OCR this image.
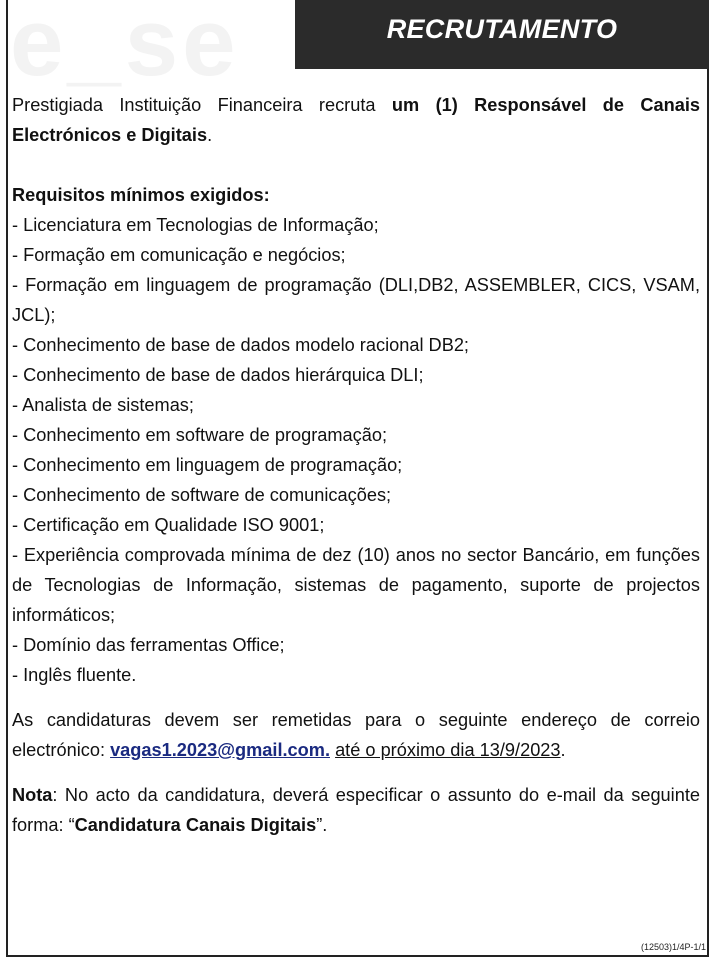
e_se	RECRUTAMENTO

Prestigiada Instituição Financeira recruta um (1) Responsável de Canais Electrónicos e Digitais.

Requisitos mínimos exigidos:

- Licenciatura em Tecnologias de Informação;
- Formação em comunicação e negócios;
- Formação em linguagem de programação (DLI,DB2, ASSEMBLER, CICS, VSAM, JCL);
- Conhecimento de base de dados modelo racional DB2;
- Conhecimento de base de dados hierárquica DLI;
- Analista de sistemas;
- Conhecimento em software de programação;
- Conhecimento em linguagem de programação;
- Conhecimento de software de comunicações;
- Certificação em Qualidade ISO 9001;
- Experiência comprovada mínima de dez (10) anos no sector Bancário, em funções de Tecnologias de Informação, sistemas de pagamento, suporte de projectos informáticos;
- Domínio das ferramentas Office;
- Inglês fluente.

As candidaturas devem ser remetidas para o seguinte endereço de correio electrónico: vagas1.2023@gmail.com. até o próximo dia 13/9/2023.

Nota: No acto da candidatura, deverá especificar o assunto do e-mail da seguinte forma: “Candidatura Canais Digitais”.

(12503)1/4P-1/1
